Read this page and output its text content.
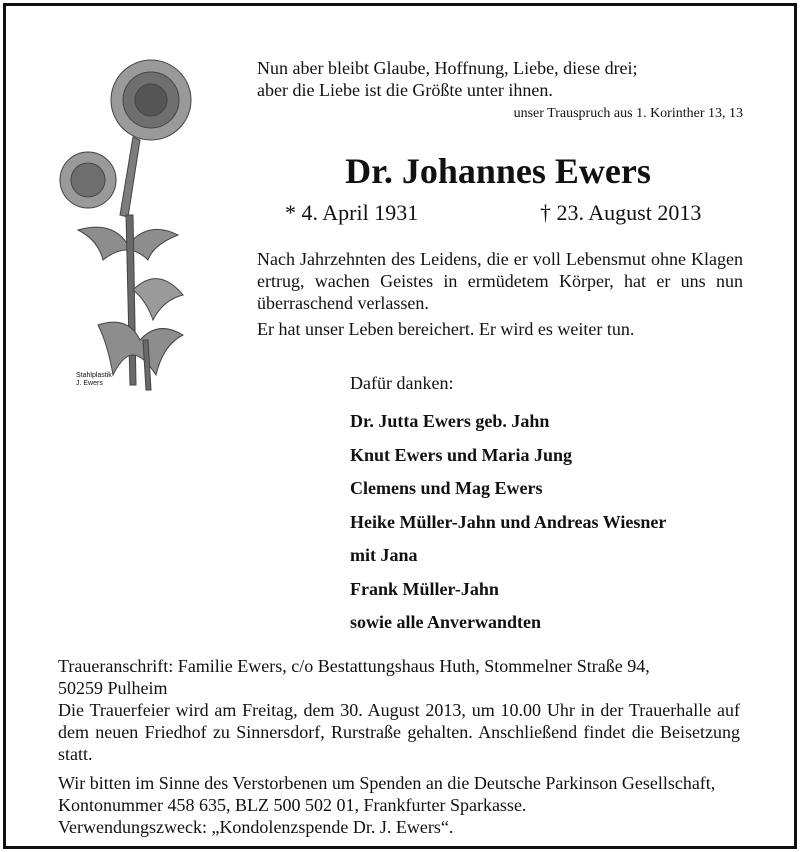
Stahlplastik
J. Ewers
Nun aber bleibt Glaube, Hoffnung, Liebe, diese drei;
aber die Liebe ist die Größte unter ihnen.
unser Trauspruch aus 1. Korinther 13, 13
Dr. Johannes Ewers
* 4. April 1931	† 23. August 2013
Nach Jahrzehnten des Leidens, die er voll Lebensmut ohne Klagen ertrug, wachen Geistes in ermüdetem Körper, hat er uns nun überraschend verlassen.
Er hat unser Leben bereichert. Er wird es weiter tun.
Dafür danken:
Dr. Jutta Ewers geb. Jahn
Knut Ewers und Maria Jung
Clemens und Mag Ewers
Heike Müller-Jahn und Andreas Wiesner
mit Jana
Frank Müller-Jahn
sowie alle Anverwandten

Traueranschrift: Familie Ewers, c/o Bestattungshaus Huth, Stommelner Straße 94,

50259 Pulheim

Die Trauerfeier wird am Freitag, dem 30. August 2013, um 10.00 Uhr in der Trauerhalle auf dem neuen Friedhof zu Sinnersdorf, Rurstraße gehalten. Anschließend findet die Beisetzung statt.

Wir bitten im Sinne des Verstorbenen um Spenden an die Deutsche Parkinson Gesellschaft,

Kontonummer 458 635, BLZ 500 502 01, Frankfurter Sparkasse.

Verwendungszweck: „Kondolenzspende Dr. J. Ewers“.
